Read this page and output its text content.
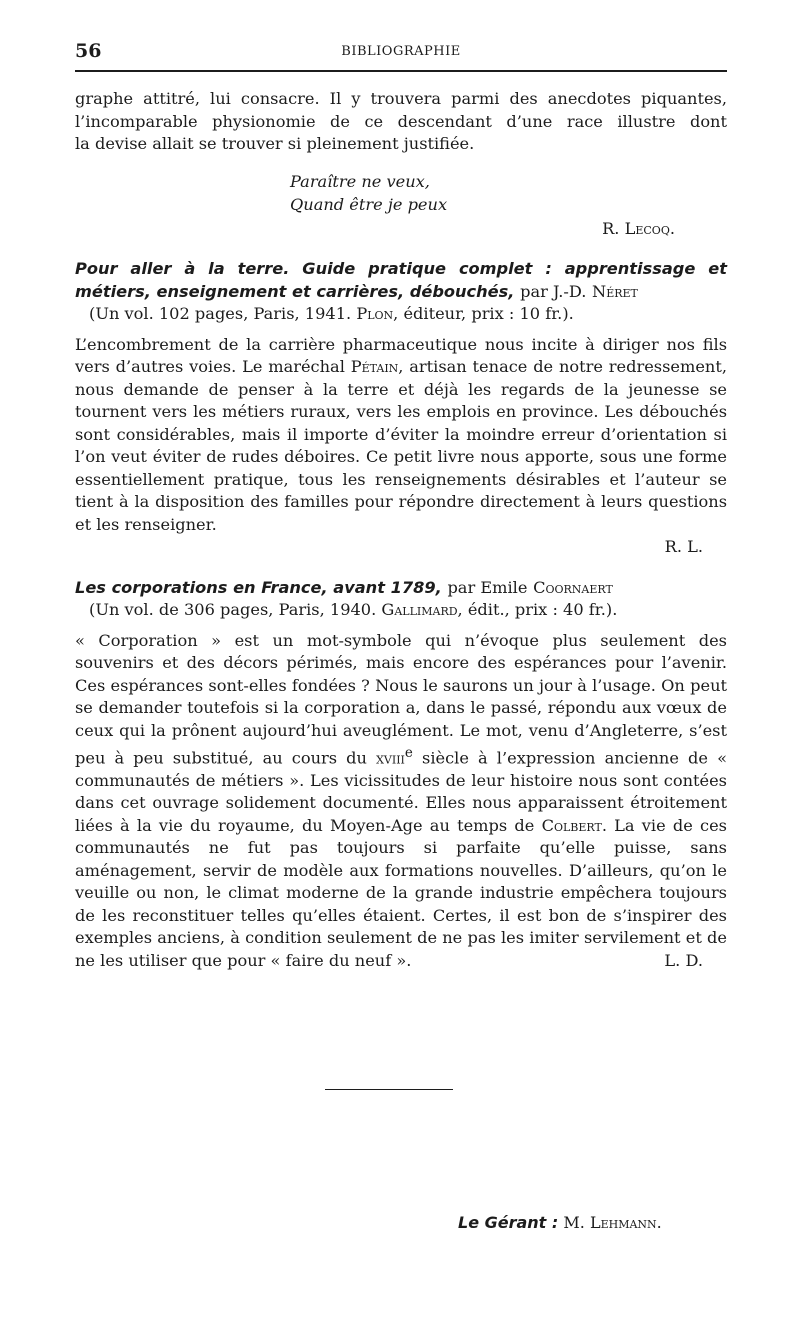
56	BIBLIOGRAPHIE
graphe attitré, lui consacre. Il y trouvera parmi des anecdotes piquantes,
l’incomparable physionomie de ce descendant d’une race illustre dont
la devise allait se trouver si pleinement justifiée.
Paraître ne veux,
Quand être je peux

R. Lecoq.

Pour aller à la terre. Guide pratique complet : apprentissage et métiers, enseignement et carrières, débouchés, par J.-D. Néret

(Un vol. 102 pages, Paris, 1941. Plon, éditeur, prix : 10 fr.).

L’encombrement de la carrière pharmaceutique nous incite à diriger nos fils vers d’autres voies. Le maréchal Pétain, artisan tenace de notre redressement, nous demande de penser à la terre et déjà les regards de la jeunesse se tournent vers les métiers ruraux, vers les emplois en province. Les débouchés sont considérables, mais il importe d’éviter la moindre erreur d’orientation si l’on veut éviter de rudes déboires. Ce petit livre nous apporte, sous une forme essentiellement pratique, tous les renseignements désirables et l’auteur se tient à la disposition des familles pour répondre directement à leurs questions et les renseigner.

R. L.

Les corporations en France, avant 1789, par Emile Coornaert

(Un vol. de 306 pages, Paris, 1940. Gallimard, édit., prix : 40 fr.).

« Corporation » est un mot-symbole qui n’évoque plus seulement des souvenirs et des décors périmés, mais encore des espérances pour l’avenir. Ces espérances sont-elles fondées ? Nous le saurons un jour à l’usage. On peut se demander toutefois si la corporation a, dans le passé, répondu aux vœux de ceux qui la prônent aujourd’hui aveuglément. Le mot, venu d’Angleterre, s’est peu à peu substitué, au cours du xviii$^e$ siècle à l’expression ancienne de « communautés de métiers ». Les vicissitudes de leur histoire nous sont contées dans cet ouvrage solidement documenté. Elles nous apparaissent étroitement liées à la vie du royaume, du Moyen-Age au temps de Colbert. La vie de ces communautés ne fut pas toujours si parfaite qu’elle puisse, sans aménagement, servir de modèle aux formations nouvelles. D’ailleurs, qu’on le veuille ou non, le climat moderne de la grande industrie empêchera toujours de les reconstituer telles qu’elles étaient. Certes, il est bon de s’inspirer des exemples anciens, à condition seulement de ne pas les imiter servilement et de ne les utiliser que pour « faire du neuf ».	L. D.

Le Gérant : M. Lehmann.
